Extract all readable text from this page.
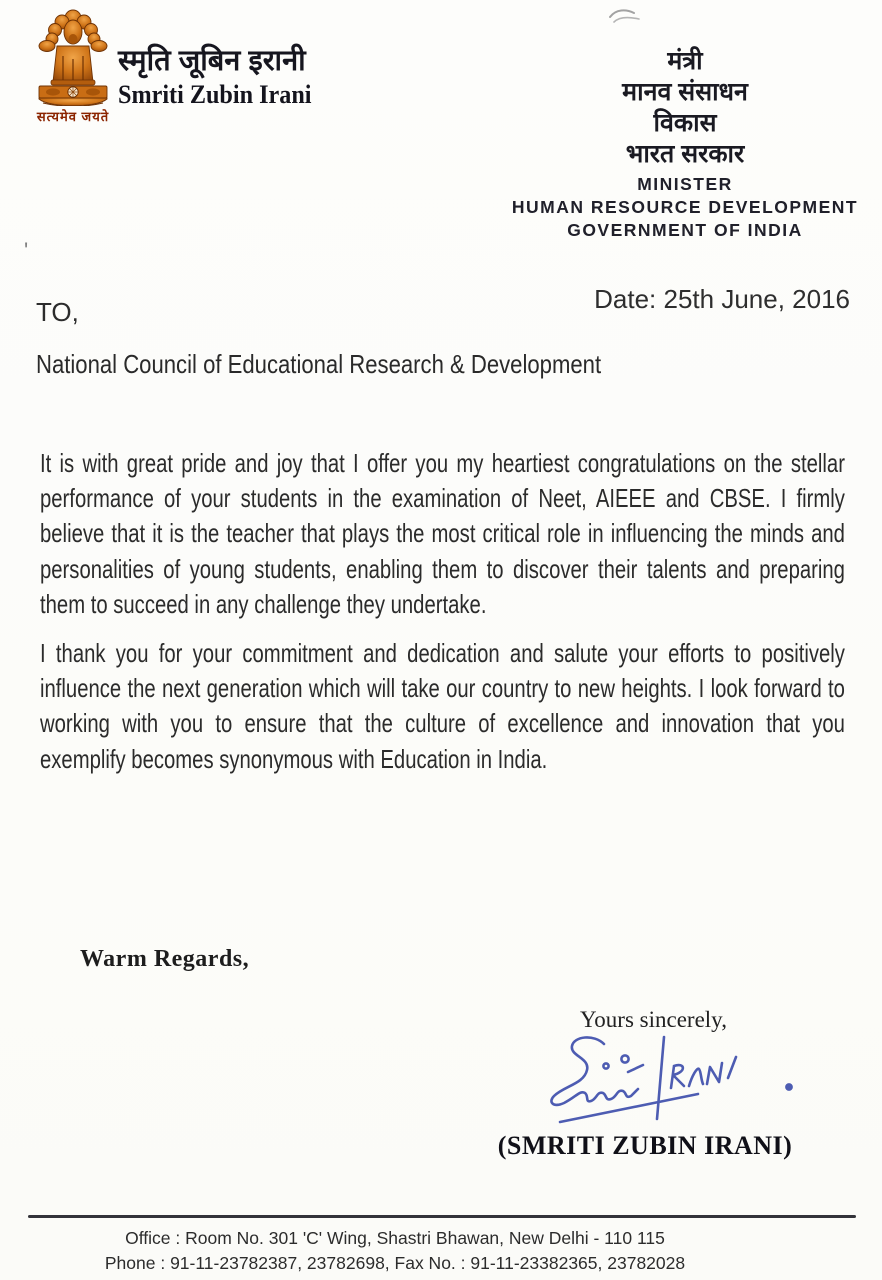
सत्यमेव जयते
स्मृति जूबिन इरानी
Smriti Zubin Irani
मंत्री
मानव संसाधन
विकास
भारत सरकार
MINISTER
HUMAN RESOURCE DEVELOPMENT
GOVERNMENT OF INDIA
'
Date: 25th June, 2016
TO,
National Council of Educational Research & Development

It is with great pride and joy that I offer you my heartiest congratulations on the stellar performance of your students in the examination of Neet, AIEEE and CBSE. I firmly believe that it is the teacher that plays the most critical role in influencing the minds and personalities of young students, enabling them to discover their talents and preparing them to succeed in any challenge they undertake.

I thank you for your commitment and dedication and salute your efforts to positively influence the next generation which will take our country to new heights. I look forward to working with you to ensure that the culture of excellence and innovation that you exemplify becomes synonymous with Education in India.

Warm Regards,
Yours sincerely,
(SMRITI ZUBIN IRANI)
Office : Room No. 301 'C' Wing, Shastri Bhawan, New Delhi - 110 115
Phone : 91-11-23782387, 23782698, Fax No. : 91-11-23382365, 23782028
